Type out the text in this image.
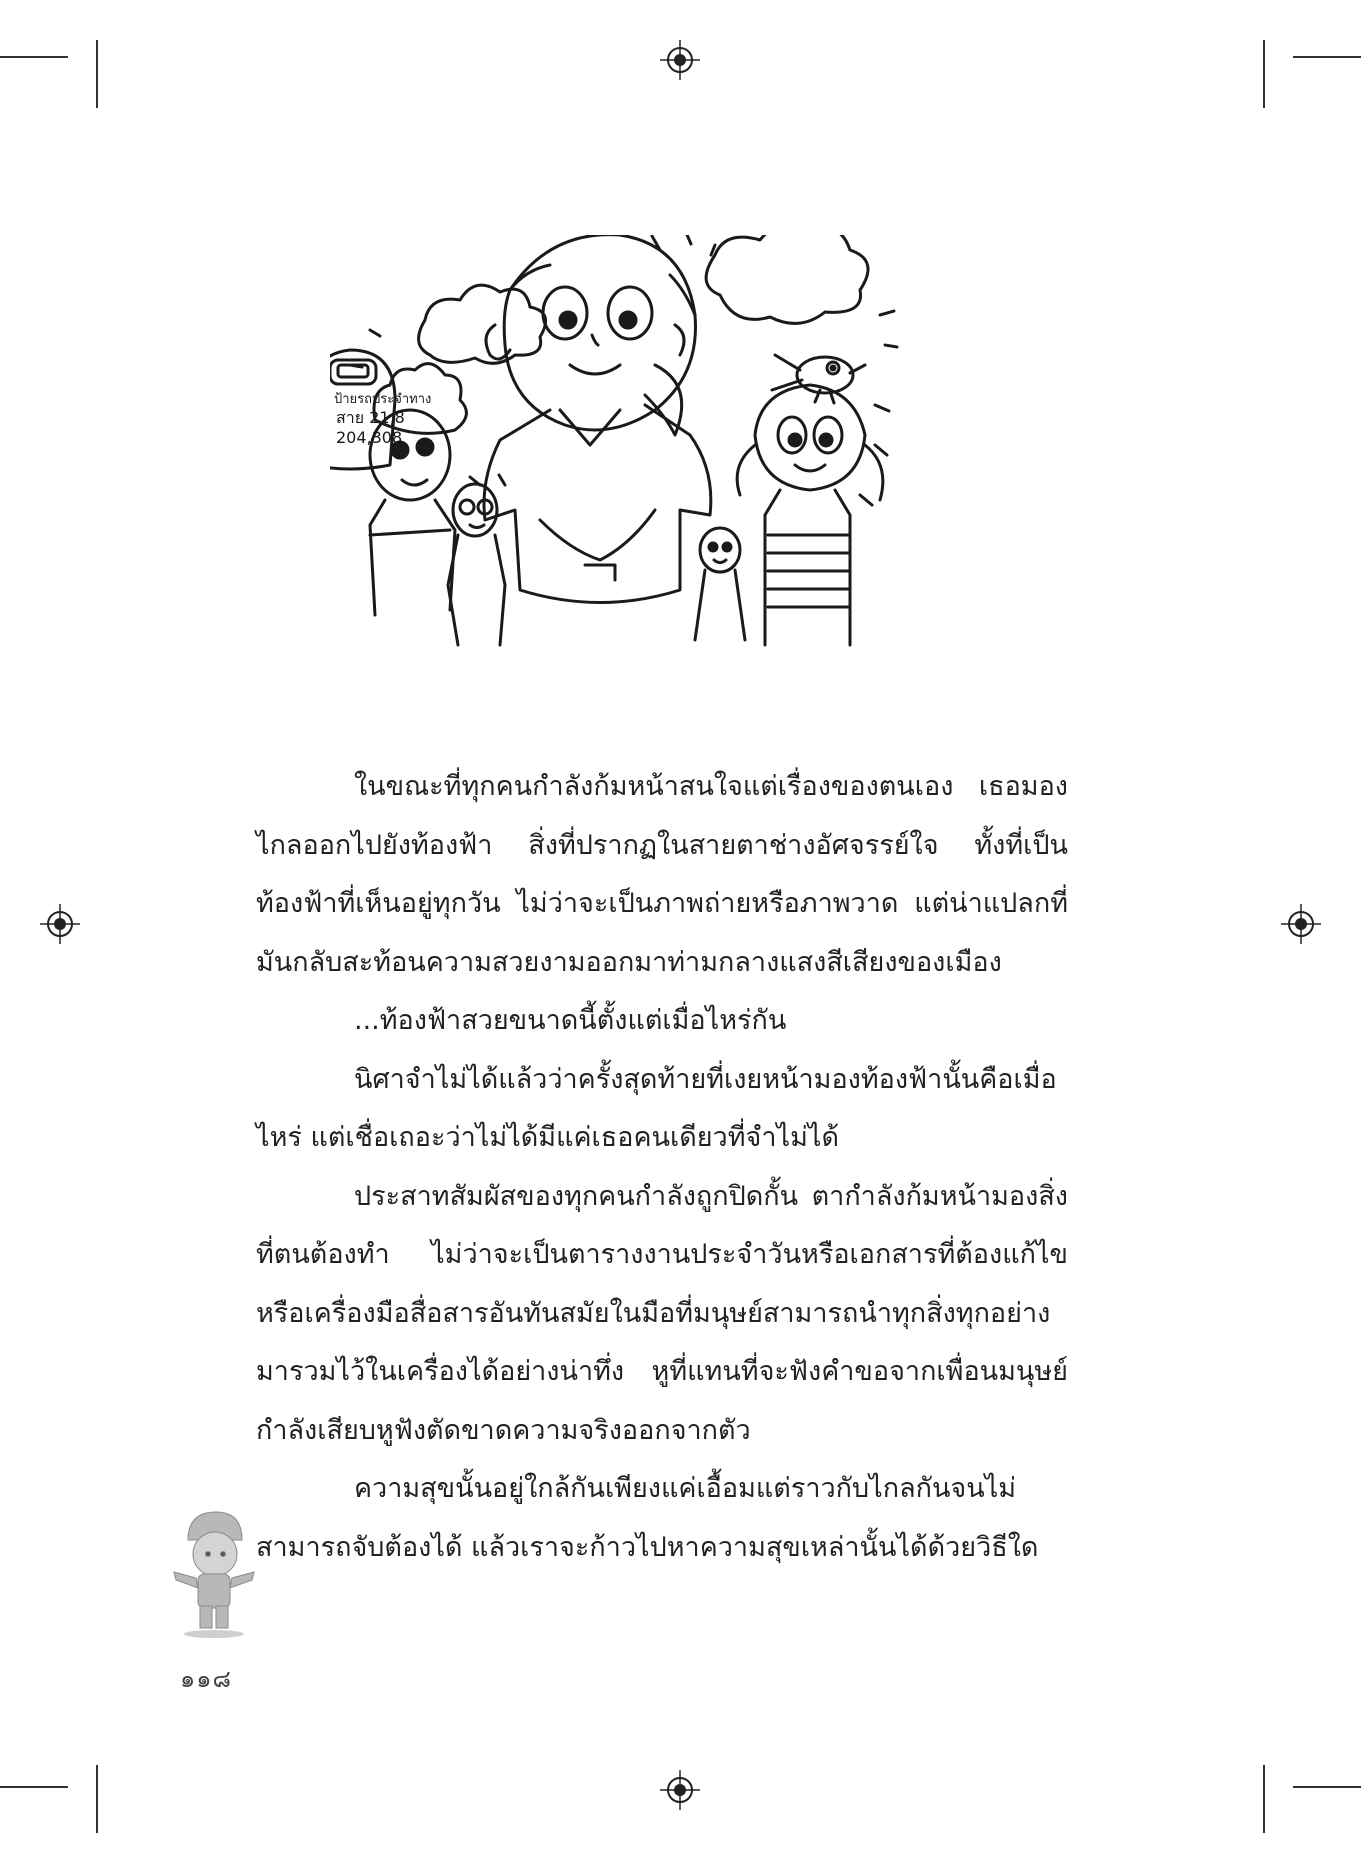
ป้ายรถประจำทาง
สาย 21,8
204,308

ในขณะที่ทุกคนกำลังก้มหน้าสนใจแต่เรื่องของตนเอง เธอมองไกลออกไปยังท้องฟ้า สิ่งที่ปรากฏในสายตาช่างอัศจรรย์ใจ ทั้งที่เป็นท้องฟ้าที่เห็นอยู่ทุกวัน ไม่ว่าจะเป็นภาพถ่ายหรือภาพวาด แต่น่าแปลกที่มันกลับสะท้อนความสวยงามออกมาท่ามกลางแสงสีเสียงของเมือง

...ท้องฟ้าสวยขนาดนี้ตั้งแต่เมื่อไหร่กัน

นิศาจำไม่ได้แล้วว่าครั้งสุดท้ายที่เงยหน้ามองท้องฟ้านั้นคือเมื่อไหร่ แต่เชื่อเถอะว่าไม่ได้มีแค่เธอคนเดียวที่จำไม่ได้

ประสาทสัมผัสของทุกคนกำลังถูกปิดกั้น ตากำลังก้มหน้ามองสิ่งที่ตนต้องทำ ไม่ว่าจะเป็นตารางงานประจำวันหรือเอกสารที่ต้องแก้ไขหรือเครื่องมือสื่อสารอันทันสมัยในมือที่มนุษย์สามารถนำทุกสิ่งทุกอย่างมารวมไว้ในเครื่องได้อย่างน่าทึ่ง หูที่แทนที่จะฟังคำขอจากเพื่อนมนุษย์กำลังเสียบหูฟังตัดขาดความจริงออกจากตัว

ความสุขนั้นอยู่ใกล้กันเพียงแค่เอื้อมแต่ราวกับไกลกันจนไม่สามารถจับต้องได้ แล้วเราจะก้าวไปหาความสุขเหล่านั้นได้ด้วยวิธีใด

๑๑๘
